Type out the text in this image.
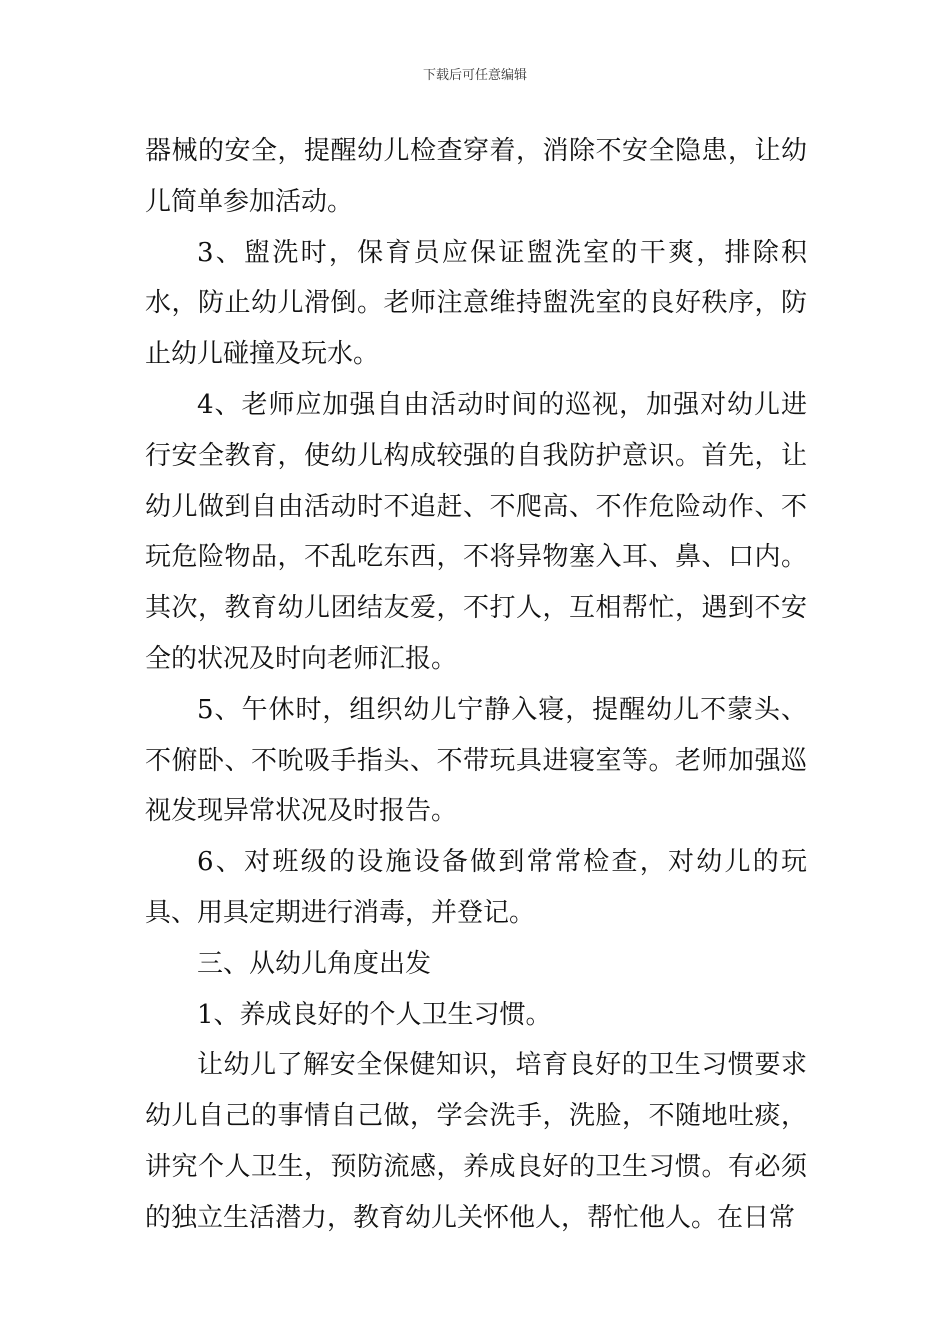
下载后可任意编辑

器械的安全，提醒幼儿检查穿着，消除不安全隐患，让幼儿简单参加活动。

3、盥洗时，保育员应保证盥洗室的干爽，排除积水，防止幼儿滑倒。老师注意维持盥洗室的良好秩序，防止幼儿碰撞及玩水。

4、老师应加强自由活动时间的巡视，加强对幼儿进行安全教育，使幼儿构成较强的自我防护意识。首先，让幼儿做到自由活动时不追赶、不爬高、不作危险动作、不玩危险物品，不乱吃东西，不将异物塞入耳、鼻、口内。其次，教育幼儿团结友爱，不打人，互相帮忙，遇到不安全的状况及时向老师汇报。

5、午休时，组织幼儿宁静入寝，提醒幼儿不蒙头、不俯卧、不吮吸手指头、不带玩具进寝室等。老师加强巡视发现异常状况及时报告。

6、对班级的设施设备做到常常检查，对幼儿的玩具、用具定期进行消毒，并登记。

三、从幼儿角度出发

1、养成良好的个人卫生习惯。

让幼儿了解安全保健知识，培育良好的卫生习惯要求幼儿自己的事情自己做，学会洗手，洗脸，不随地吐痰，讲究个人卫生，预防流感，养成良好的卫生习惯。有必须的独立生活潜力，教育幼儿关怀他人，帮忙他人。在日常
